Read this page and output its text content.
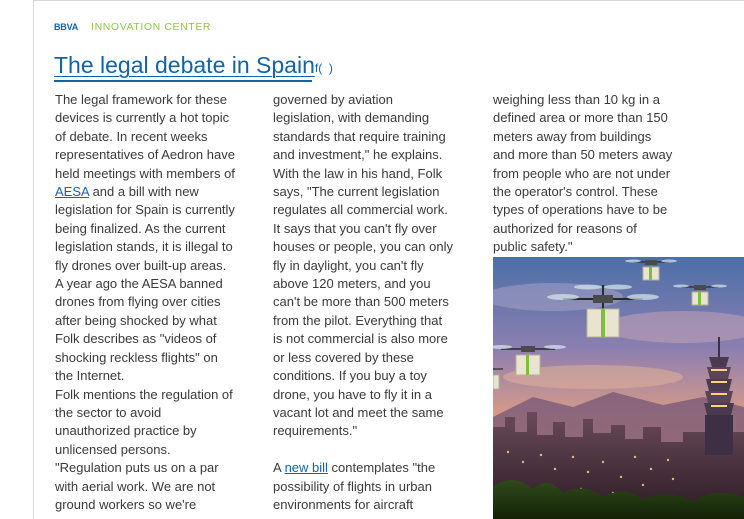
BBVA INNOVATION CENTER
The legal debate in Spain f(  )
The legal framework for these
devices is currently a hot topic
of debate. In recent weeks
representatives of Aedron have
held meetings with members of
AESA and a bill with new
legislation for Spain is currently
being finalized. As the current
legislation stands, it is illegal to
fly drones over built-up areas.
A year ago the AESA banned
drones from flying over cities
after being shocked by what
Folk describes as "videos of
shocking reckless flights" on
the Internet.
Folk mentions the regulation of
the sector to avoid
unauthorized practice by
unlicensed persons.
"Regulation puts us on a par
with aerial work. We are not
ground workers so we're
governed by aviation
legislation, with demanding
standards that require training
and investment," he explains.
With the law in his hand, Folk
says, "The current legislation
regulates all commercial work.
It says that you can't fly over
houses or people, you can only
fly in daylight, you can't fly
above 120 meters, and you
can't be more than 500 meters
from the pilot. Everything that
is not commercial is also more
or less covered by these
conditions. If you buy a toy
drone, you have to fly it in a
vacant lot and meet the same
requirements."
A new bill contemplates "the
possibility of flights in urban
environments for aircraft
weighing less than 10 kg in a
defined area or more than 150
meters away from buildings
and more than 50 meters away
from people who are not under
the operator's control. These
types of operations have to be
authorized for reasons of
public safety."
